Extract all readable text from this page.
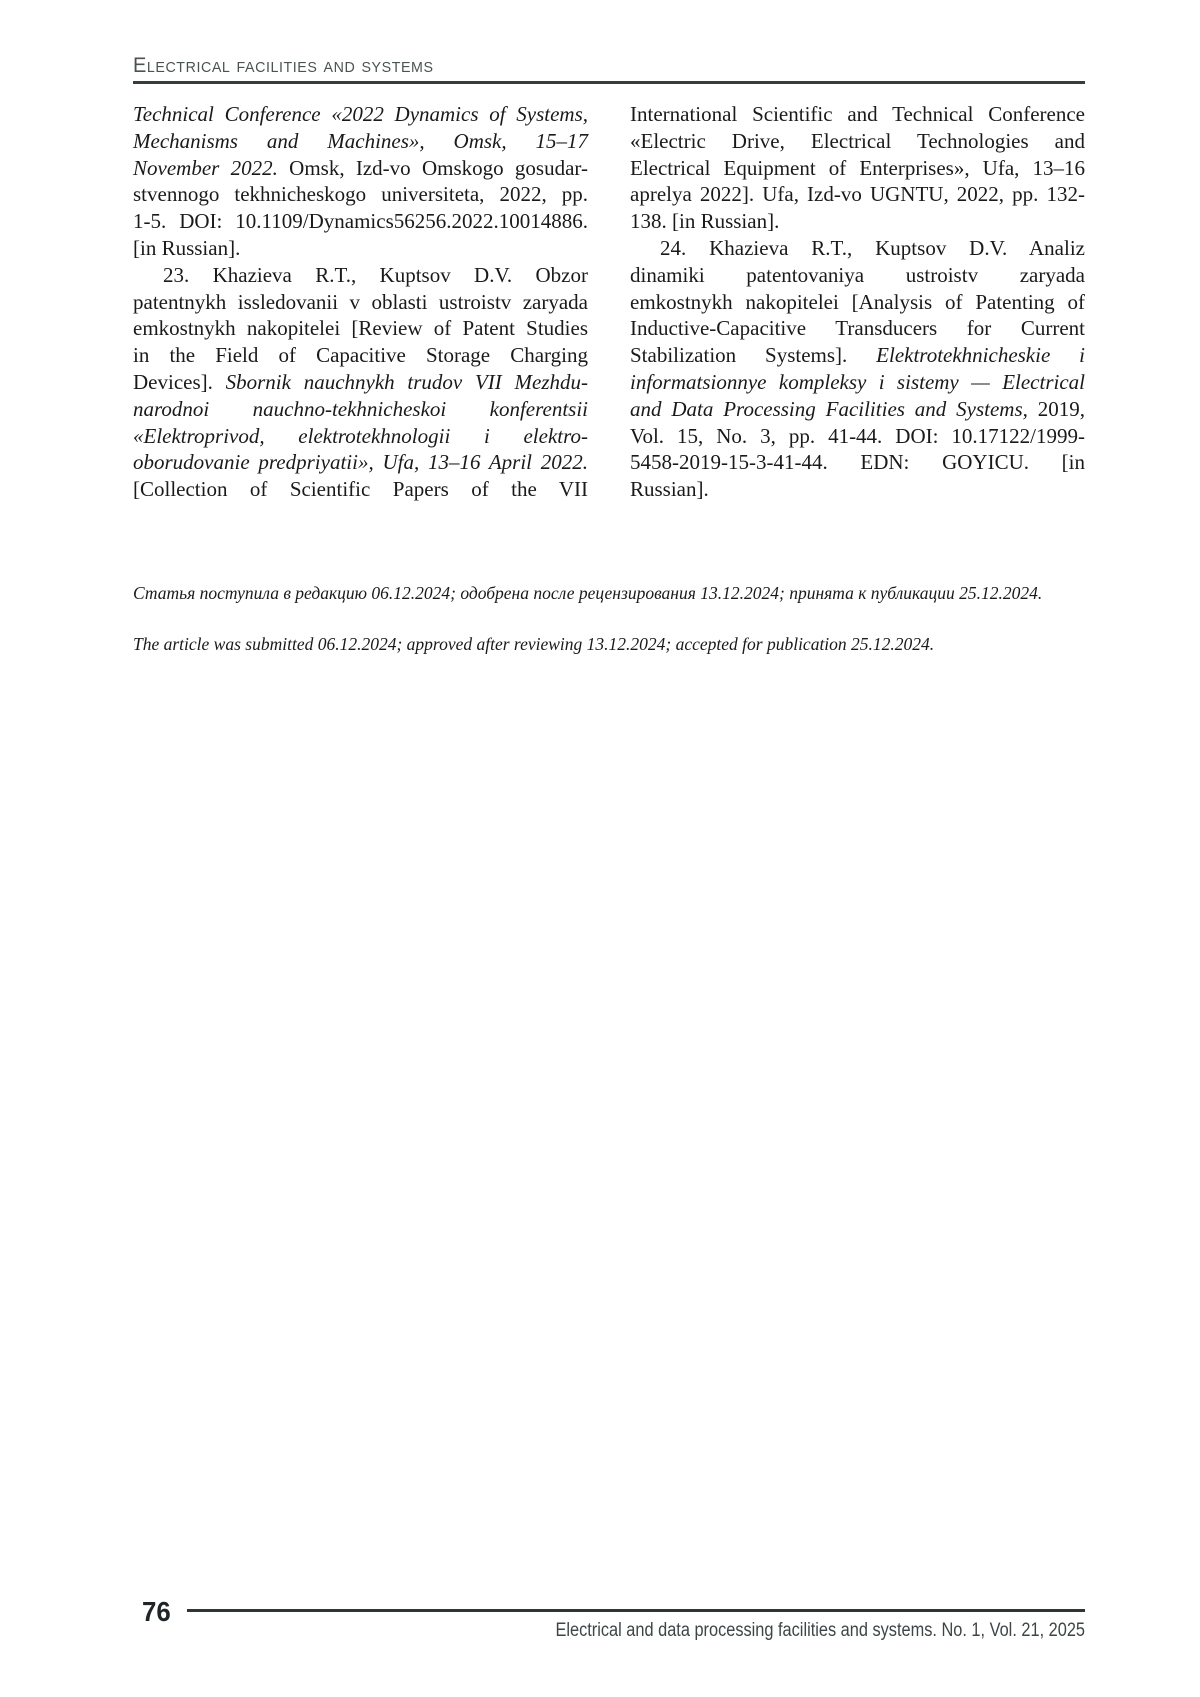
Electrical facilities and systems
Technical Conference «2022 Dynamics of Systems,
Mechanisms and Machines», Omsk, 15–17
November 2022. Omsk, Izd-vo Omskogo gosudar-
stvennogo tekhnicheskogo universiteta, 2022, pp.
1-5. DOI: 10.1109/Dynamics56256.2022.10014886.
[in Russian].
23. Khazieva R.T., Kuptsov D.V. Obzor
patentnykh issledovanii v oblasti ustroistv zaryada
emkostnykh nakopitelei [Review of Patent Studies
in the Field of Capacitive Storage Charging
Devices]. Sbornik nauchnykh trudov VII Mezhdu-
narodnoi nauchno-tekhnicheskoi konferentsii
«Elektroprivod, elektrotekhnologii i elektro-
oborudovanie predpriyatii», Ufa, 13–16 April 2022.
[Collection of Scientific Papers of the VII
International Scientific and Technical Conference
«Electric Drive, Electrical Technologies and
Electrical Equipment of Enterprises», Ufa, 13–16
aprelya 2022]. Ufa, Izd-vo UGNTU, 2022, pp. 132-
138. [in Russian].
24. Khazieva R.T., Kuptsov D.V. Analiz
dinamiki patentovaniya ustroistv zaryada
emkostnykh nakopitelei [Analysis of Patenting of
Inductive-Capacitive Transducers for Current
Stabilization Systems]. Elektrotekhnicheskie i
informatsionnye kompleksy i sistemy — Electrical
and Data Processing Facilities and Systems, 2019,
Vol. 15, No. 3, pp. 41-44. DOI: 10.17122/1999-
5458-2019-15-3-41-44. EDN: GOYICU. [in
Russian].
Статья поступила в редакцию 06.12.2024; одобрена после рецензирования 13.12.2024; принята к публикации 25.12.2024.
The article was submitted 06.12.2024; approved after reviewing 13.12.2024; accepted for publication 25.12.2024.
76
Electrical and data processing facilities and systems. No. 1, Vol. 21, 2025
